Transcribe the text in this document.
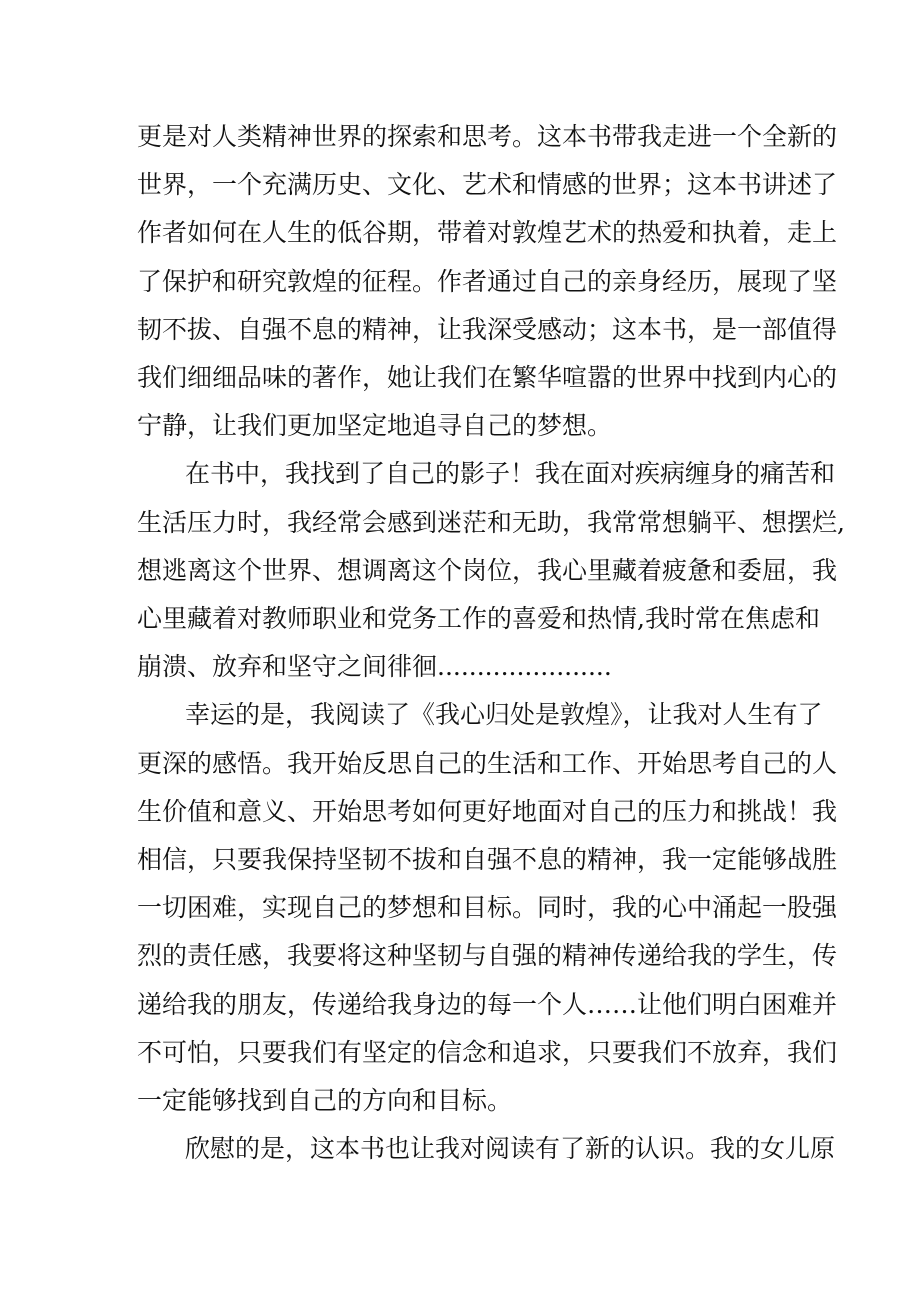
更是对人类精神世界的探索和思考。这本书带我走进一个全新的
世界，一个充满历史、文化、艺术和情感的世界；这本书讲述了
作者如何在人生的低谷期，带着对敦煌艺术的热爱和执着，走上
了保护和研究敦煌的征程。作者通过自己的亲身经历，展现了坚
韧不拔、自强不息的精神，让我深受感动；这本书，是一部值得
我们细细品味的著作，她让我们在繁华喧嚣的世界中找到内心的
宁静，让我们更加坚定地追寻自己的梦想。
在书中，我找到了自己的影子！我在面对疾病缠身的痛苦和
生活压力时，我经常会感到迷茫和无助，我常常想躺平、想摆烂,
想逃离这个世界、想调离这个岗位，我心里藏着疲惫和委屈，我
心里藏着对教师职业和党务工作的喜爱和热情,我时常在焦虑和
崩溃、放弃和坚守之间徘徊......................
幸运的是，我阅读了《我心归处是敦煌》，让我对人生有了
更深的感悟。我开始反思自己的生活和工作、开始思考自己的人
生价值和意义、开始思考如何更好地面对自己的压力和挑战！我
相信，只要我保持坚韧不拔和自强不息的精神，我一定能够战胜
一切困难，实现自己的梦想和目标。同时，我的心中涌起一股强
烈的责任感，我要将这种坚韧与自强的精神传递给我的学生，传
递给我的朋友，传递给我身边的每一个人……让他们明白困难并
不可怕，只要我们有坚定的信念和追求，只要我们不放弃，我们
一定能够找到自己的方向和目标。
欣慰的是，这本书也让我对阅读有了新的认识。我的女儿原
